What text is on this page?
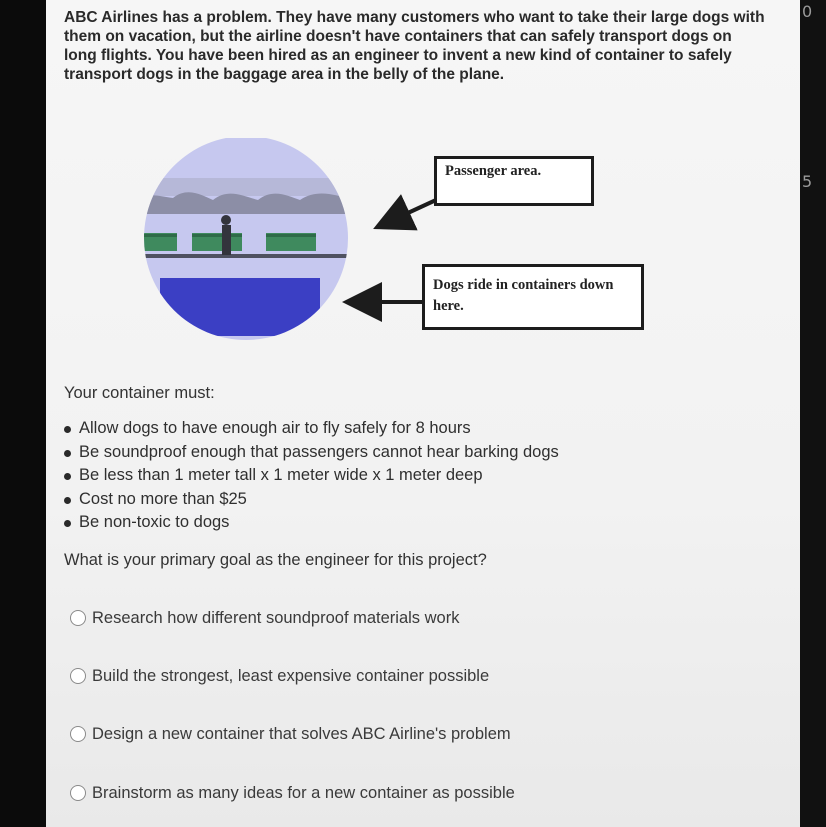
ABC Airlines has a problem. They have many customers who want to take their large dogs with them on vacation, but the airline doesn't have containers that can safely transport dogs on long flights. You have been hired as an engineer to invent a new kind of container to safely transport dogs in the baggage area in the belly of the plane.
Passenger area.
Dogs ride in containers down here.
Your container must:
Allow dogs to have enough air to fly safely for 8 hours
Be soundproof enough that passengers cannot hear barking dogs
Be less than 1 meter tall x 1 meter wide x 1 meter deep
Cost no more than $25
Be non-toxic to dogs
What is your primary goal as the engineer for this project?
Research how different soundproof materials work
Build the strongest, least expensive container possible
Design a new container that solves ABC Airline's problem
Brainstorm as many ideas for a new container as possible
0
5
